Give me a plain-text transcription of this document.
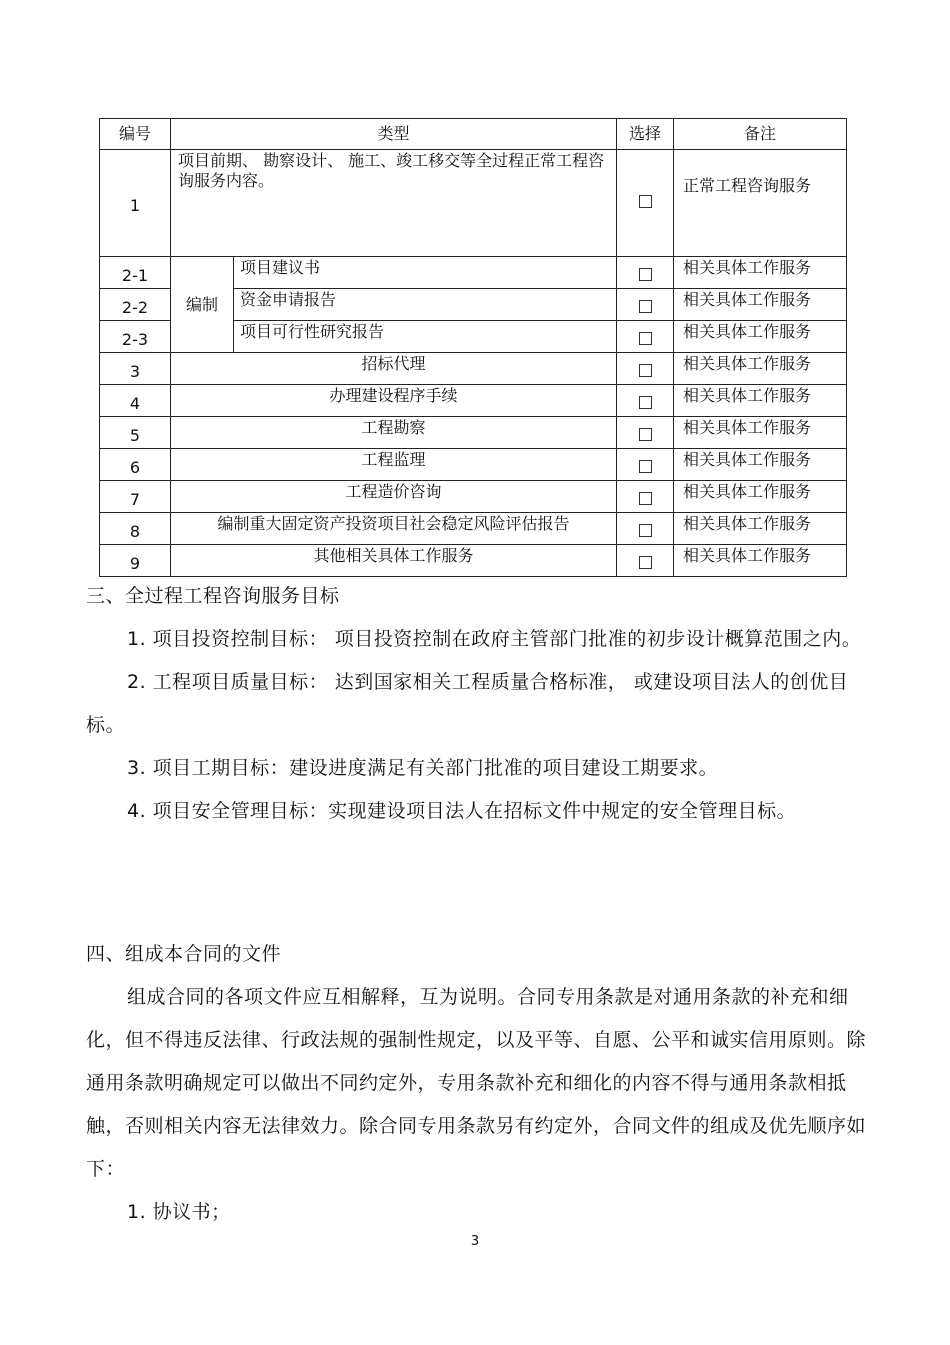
编号	类型		选择	备注
1	项目前期、 勘察设计、 施工、竣工移交等全过程正常工程咨询服务内容。			正常工程咨询服务
2-1	编制	项目建议书		相关具体工作服务
2-2		资金申请报告		相关具体工作服务
2-3		项目可行性研究报告		相关具体工作服务
3	招标代理			相关具体工作服务
4	办理建设程序手续			相关具体工作服务
5	工程勘察			相关具体工作服务
6	工程监理			相关具体工作服务
7	工程造价咨询			相关具体工作服务
8	编制重大固定资产投资项目社会稳定风险评估报告			相关具体工作服务
9	其他相关具体工作服务			相关具体工作服务

三、全过程工程咨询服务目标

1. 项目投资控制目标： 项目投资控制在政府主管部门批准的初步设计概算范围之内。

2. 工程项目质量目标： 达到国家相关工程质量合格标准， 或建设项目法人的创优目标。

3. 项目工期目标：建设进度满足有关部门批准的项目建设工期要求。

4. 项目安全管理目标：实现建设项目法人在招标文件中规定的安全管理目标。

四、组成本合同的文件

组成合同的各项文件应互相解释，互为说明。合同专用条款是对通用条款的补充和细化，但不得违反法律、行政法规的强制性规定，以及平等、自愿、公平和诚实信用原则。除通用条款明确规定可以做出不同约定外，专用条款补充和细化的内容不得与通用条款相抵触，否则相关内容无法律效力。除合同专用条款另有约定外，合同文件的组成及优先顺序如下：

1. 协议书；

3
